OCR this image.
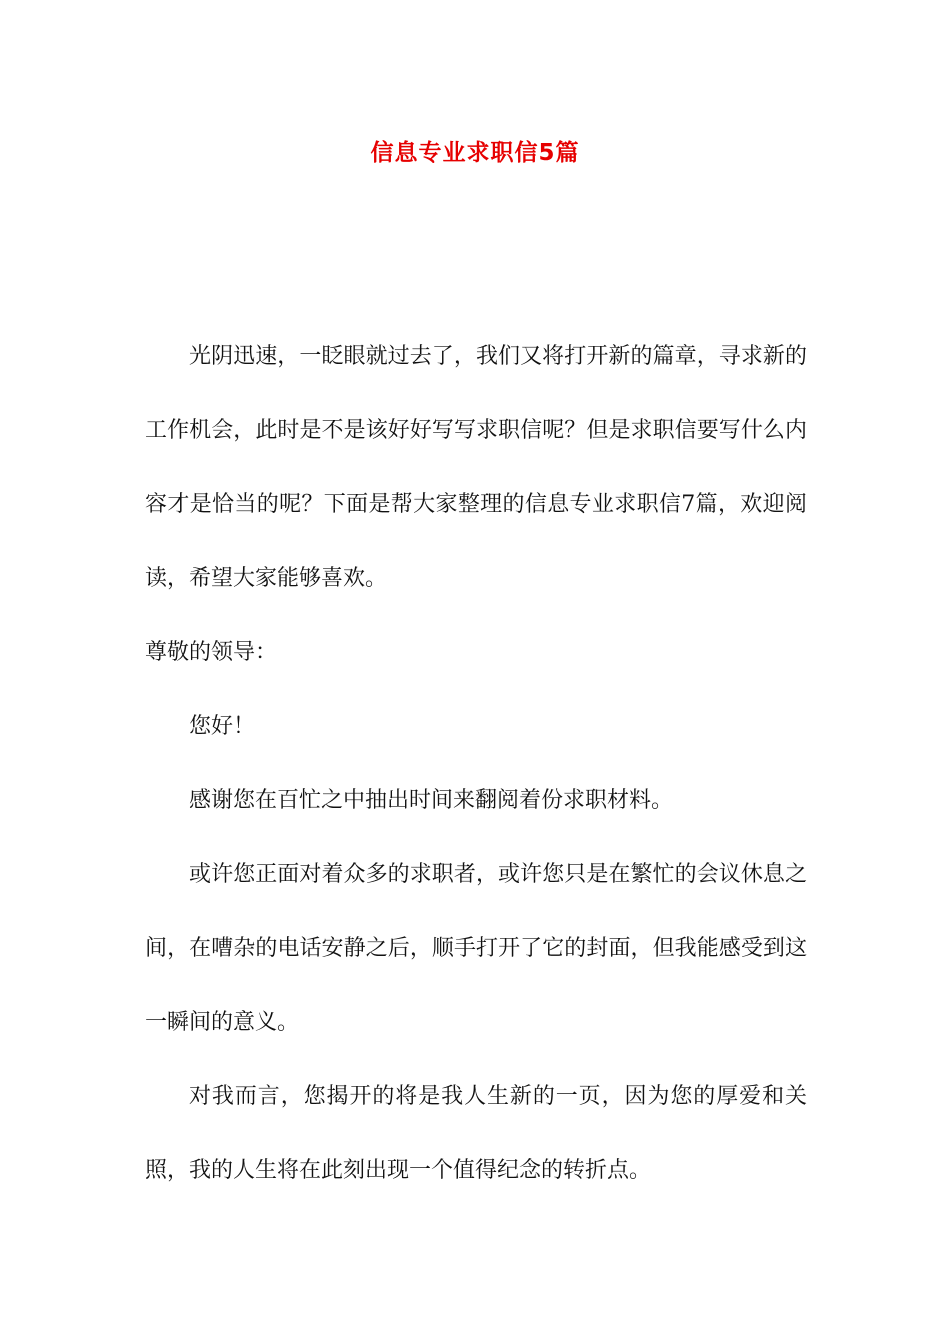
信息专业求职信5篇

光阴迅速，一眨眼就过去了，我们又将打开新的篇章，寻求新的工作机会，此时是不是该好好写写求职信呢？但是求职信要写什么内容才是恰当的呢？下面是帮大家整理的信息专业求职信7篇，欢迎阅读，希望大家能够喜欢。

尊敬的领导：

您好！

感谢您在百忙之中抽出时间来翻阅着份求职材料。

或许您正面对着众多的求职者，或许您只是在繁忙的会议休息之间，在嘈杂的电话安静之后，顺手打开了它的封面，但我能感受到这一瞬间的意义。

对我而言，您揭开的将是我人生新的一页，因为您的厚爱和关照，我的人生将在此刻出现一个值得纪念的转折点。
